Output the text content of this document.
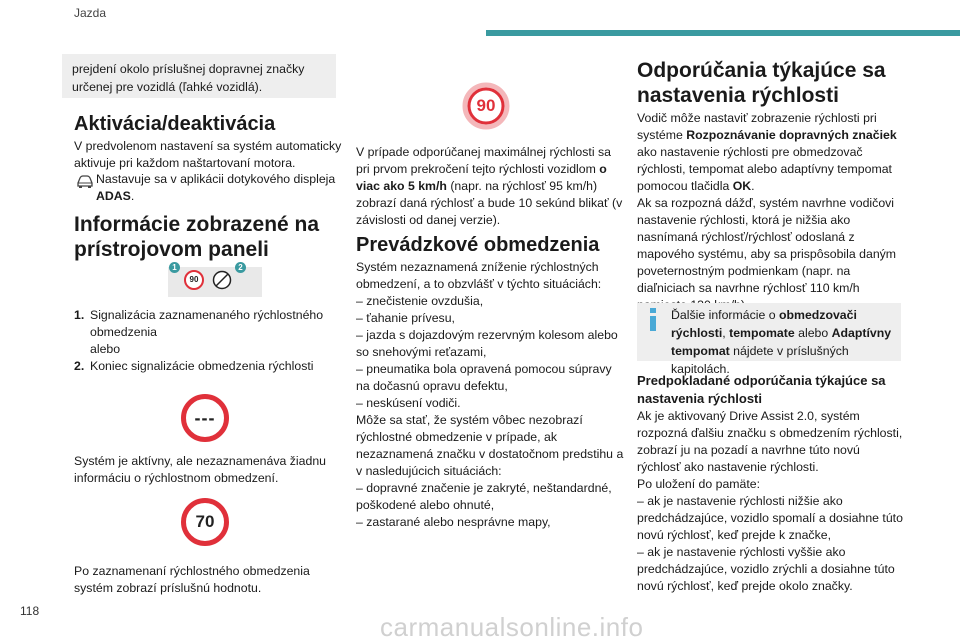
Jazda
prejdení okolo príslušnej dopravnej značky určenej pre vozidlá (ľahké vozidlá).
Aktivácia/deaktivácia
V predvolenom nastavení sa systém automaticky aktivuje pri každom naštartovaní motora.
Nastavuje sa v aplikácii dotykového displeja ADAS.
Informácie zobrazené na prístrojovom paneli
1
90
2
1. Signalizácia zaznamenaného rýchlostného obmedzenia
alebo
2. Koniec signalizácie obmedzenia rýchlosti
---
Systém je aktívny, ale nezaznamenáva žiadnu informáciu o rýchlostnom obmedzení.
70
Po zaznamenaní rýchlostného obmedzenia systém zobrazí príslušnú hodnotu.
90
V prípade odporúčanej maximálnej rýchlosti sa pri prvom prekročení tejto rýchlosti vozidlom o viac ako 5 km/h (napr. na rýchlosť 95 km/h) zobrazí daná rýchlosť a bude 10 sekúnd blikať (v závislosti od danej verzie).
Prevádzkové obmedzenia
Systém nezaznamená zníženie rýchlostných obmedzení, a to obzvlášť v týchto situáciách:
– znečistenie ovzdušia,
– ťahanie prívesu,
– jazda s dojazdovým rezervným kolesom alebo so snehovými reťazami,
– pneumatika bola opravená pomocou súpravy na dočasnú opravu defektu,
– neskúsení vodiči.
Môže sa stať, že systém vôbec nezobrazí rýchlostné obmedzenie v prípade, ak nezaznamená značku v dostatočnom predstihu a v nasledujúcich situáciách:
– dopravné značenie je zakryté, neštandardné, poškodené alebo ohnuté,
– zastarané alebo nesprávne mapy,
Odporúčania týkajúce sa nastavenia rýchlosti
Vodič môže nastaviť zobrazenie rýchlosti pri systéme Rozpoznávanie dopravných značiek ako nastavenie rýchlosti pre obmedzovač rýchlosti, tempomat alebo adaptívny tempomat pomocou tlačidla OK.
Ak sa rozpozná dážď, systém navrhne vodičovi nastavenie rýchlosti, ktorá je nižšia ako nasnímaná rýchlosť/rýchlosť odoslaná z mapového systému, aby sa prispôsobila daným poveternostným podmienkam (napr. na diaľniciach sa navrhne rýchlosť 110 km/h
Ďalšie informácie o obmedzovači rýchlosti, tempomate alebo Adaptívny tempomat nájdete v príslušných kapitolách.
Predpokladané odporúčania týkajúce sa nastavenia rýchlosti
Ak je aktivovaný Drive Assist 2.0, systém rozpozná ďalšiu značku s obmedzením rýchlosti, zobrazí ju na pozadí a navrhne túto novú rýchlosť ako nastavenie rýchlosti.
Po uložení do pamäte:
– ak je nastavenie rýchlosti nižšie ako predchádzajúce, vozidlo spomalí a dosiahne túto novú rýchlosť, keď prejde k značke,
– ak je nastavenie rýchlosti vyššie ako predchádzajúce, vozidlo zrýchli a dosiahne túto novú rýchlosť, keď prejde okolo značky.
118
carmanualsonline.info
